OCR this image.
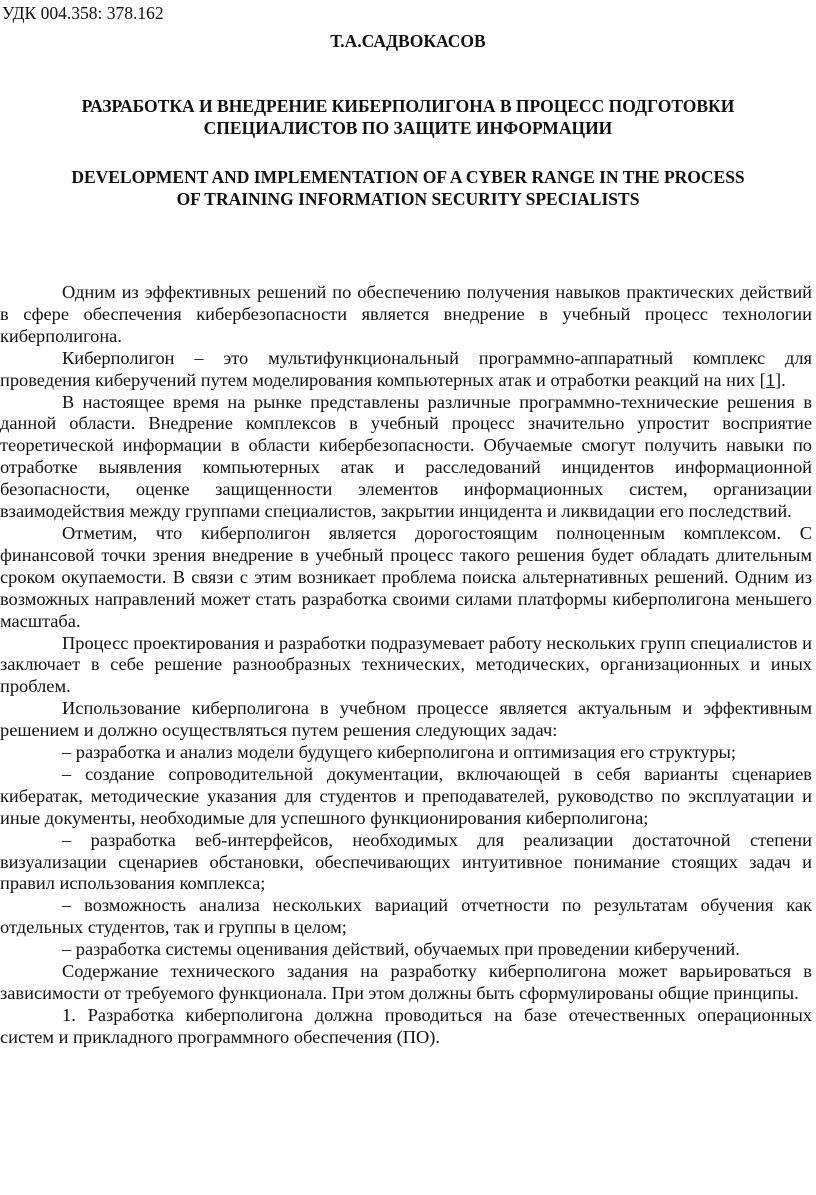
УДК 004.358: 378.162
Т.А.САДВОКАСОВ
РАЗРАБОТКА И ВНЕДРЕНИЕ КИБЕРПОЛИГОНА В ПРОЦЕСС ПОДГОТОВКИ
СПЕЦИАЛИСТОВ ПО ЗАЩИТЕ ИНФОРМАЦИИ
DEVELOPMENT AND IMPLEMENTATION OF A CYBER RANGE IN THE PROCESS
OF TRAINING INFORMATION SECURITY SPECIALISTS

Одним из эффективных решений по обеспечению получения навыков практических действий в сфере обеспечения кибербезопасности является внедрение в учебный процесс технологии киберполигона.

Киберполигон – это мультифункциональный программно-аппаратный комплекс для проведения киберучений путем моделирования компьютерных атак и отработки реакций на них [1].

В настоящее время на рынке представлены различные программно-технические решения в данной области. Внедрение комплексов в учебный процесс значительно упростит восприятие теоретической информации в области кибербезопасности. Обучаемые смогут получить навыки по отработке выявления компьютерных атак и расследований инцидентов информационной безопасности, оценке защищенности элементов информационных систем, организации взаимодействия между группами специалистов, закрытии инцидента и ликвидации его последствий.

Отметим, что киберполигон является дорогостоящим полноценным комплексом. С финансовой точки зрения внедрение в учебный процесс такого решения будет обладать длительным сроком окупаемости. В связи с этим возникает проблема поиска альтернативных решений. Одним из возможных направлений может стать разработка своими силами платформы киберполигона меньшего масштаба.

Процесс проектирования и разработки подразумевает работу нескольких групп специалистов и заключает в себе решение разнообразных технических, методических, организационных и иных проблем.

Использование киберполигона в учебном процессе является актуальным и эффективным решением и должно осуществляться путем решения следующих задач:

– разработка и анализ модели будущего киберполигона и оптимизация его структуры;

– создание сопроводительной документации, включающей в себя варианты сценариев кибератак, методические указания для студентов и преподавателей, руководство по эксплуатации и иные документы, необходимые для успешного функционирования киберполигона;

– разработка веб-интерфейсов, необходимых для реализации достаточной степени визуализации сценариев обстановки, обеспечивающих интуитивное понимание стоящих задач и правил использования комплекса;

– возможность анализа нескольких вариаций отчетности по результатам обучения как отдельных студентов, так и группы в целом;

– разработка системы оценивания действий, обучаемых при проведении киберучений.

Содержание технического задания на разработку киберполигона может варьироваться в зависимости от требуемого функционала. При этом должны быть сформулированы общие принципы.

1. Разработка киберполигона должна проводиться на базе отечественных операционных систем и прикладного программного обеспечения (ПО).
